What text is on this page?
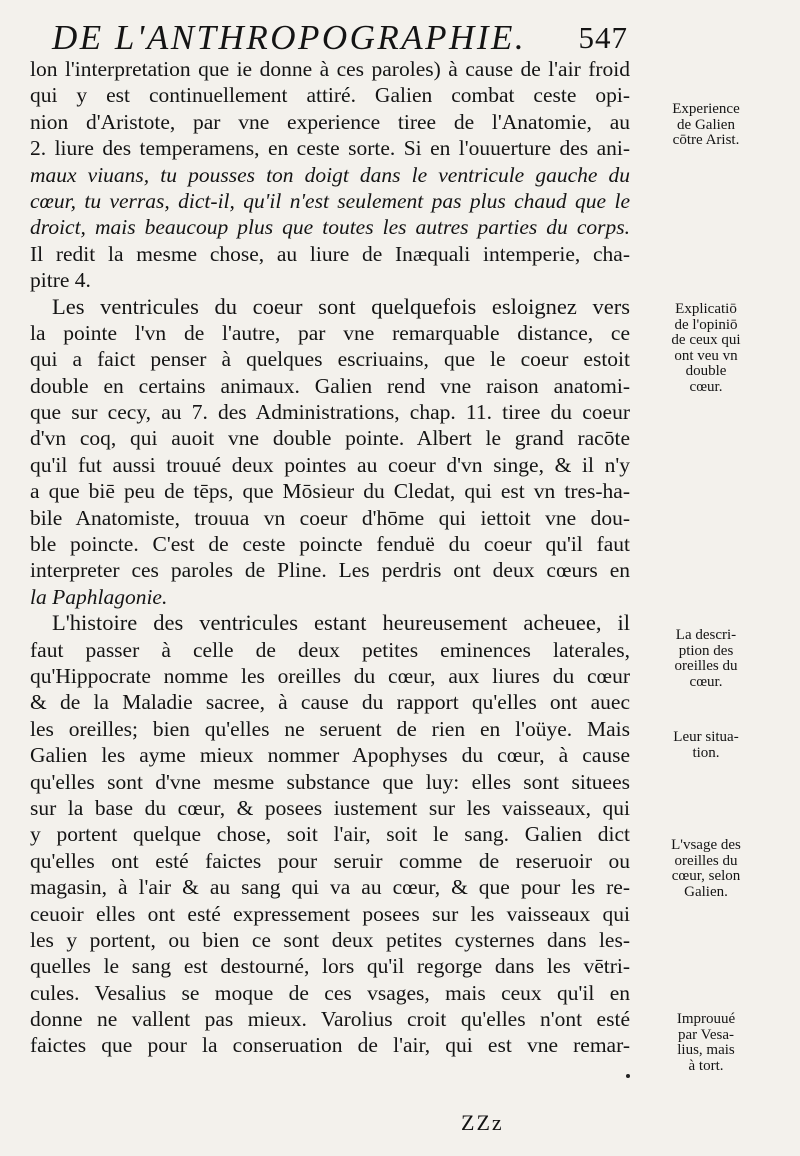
DE L'ANTHROPOGRAPHIE. 547
lon l'interpretation que ie donne à ces paroles) à cause de l'air froid
qui y est continuellement attiré. Galien combat ceste opi-
nion d'Aristote, par vne experience tiree de l'Anatomie, au
2. liure des temperamens, en ceste sorte. Si en l'ouuerture des ani-
maux viuans, tu pousses ton doigt dans le ventricule gauche du
cœur, tu verras, dict-il, qu'il n'est seulement pas plus chaud que le
droict, mais beaucoup plus que toutes les autres parties du corps.
Il redit la mesme chose, au liure de Inæquali intemperie, cha-
pitre 4.
Les ventricules du coeur sont quelquefois esloignez vers
la pointe l'vn de l'autre, par vne remarquable distance, ce
qui a faict penser à quelques escriuains, que le coeur estoit
double en certains animaux. Galien rend vne raison anatomi-
que sur cecy, au 7. des Administrations, chap. 11. tiree du coeur
d'vn coq, qui auoit vne double pointe. Albert le grand racōte
qu'il fut aussi trouué deux pointes au coeur d'vn singe, & il n'y
a que biē peu de tēps, que Mōsieur du Cledat, qui est vn tres-ha-
bile Anatomiste, trouua vn coeur d'hōme qui iettoit vne dou-
ble poincte. C'est de ceste poincte fenduë du coeur qu'il faut
interpreter ces paroles de Pline. Les perdris ont deux cœurs en
la Paphlagonie.
L'histoire des ventricules estant heureusement acheuee, il
faut passer à celle de deux petites eminences laterales,
qu'Hippocrate nomme les oreilles du cœur, aux liures du cœur
& de la Maladie sacree, à cause du rapport qu'elles ont auec
les oreilles; bien qu'elles ne seruent de rien en l'oüye. Mais
Galien les ayme mieux nommer Apophyses du cœur, à cause
qu'elles sont d'vne mesme substance que luy: elles sont situees
sur la base du cœur, & posees iustement sur les vaisseaux, qui
y portent quelque chose, soit l'air, soit le sang. Galien dict
qu'elles ont esté faictes pour seruir comme de reseruoir ou
magasin, à l'air & au sang qui va au cœur, & que pour les re-
ceuoir elles ont esté expressement posees sur les vaisseaux qui
les y portent, ou bien ce sont deux petites cysternes dans les-
quelles le sang est destourné, lors qu'il regorge dans les vētri-
cules. Vesalius se moque de ces vsages, mais ceux qu'il en
donne ne vallent pas mieux. Varolius croit qu'elles n'ont esté
faictes que pour la conseruation de l'air, qui est vne remar-
Experience
de Galien
cōtre Arist.
Explicatiō
de l'opiniō
de ceux qui
ont veu vn
double
cœur.
La descri-
ption des
oreilles du
cœur.
Leur situa-
tion.
L'vsage des
oreilles du
cœur, selon
Galien.
Improuué
par Vesa-
lius, mais
à tort.
ZZz
